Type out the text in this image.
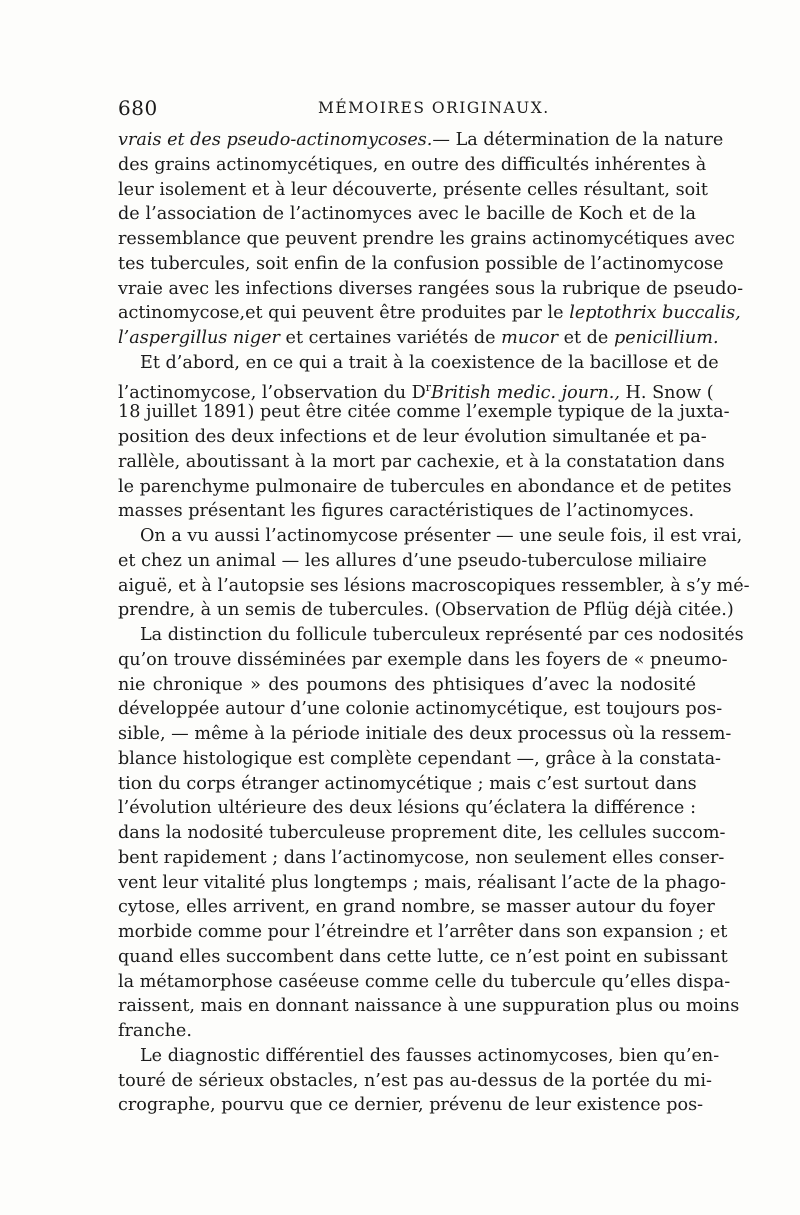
680	MÉMOIRES ORIGINAUX.
vrais et des pseudo-actinomycoses.— La détermination de la nature
des grains actinomycétiques, en outre des difficultés inhérentes à
leur isolement et à leur découverte, présente celles résultant, soit
de l’association de l’actinomyces avec le bacille de Koch et de la
ressemblance que peuvent prendre les grains actinomycétiques avec
tes tubercules, soit enfin de la confusion possible de l’actinomycose
vraie avec les infections diverses rangées sous la rubrique de pseudo-
actinomycose,et qui peuvent être produites par le leptothrix buccalis,
l’aspergillus niger et certaines variétés de mucor et de penicillium.
Et d’abord, en ce qui a trait à la coexistence de la bacillose et de
l’actinomycose, l’observation du $D^rBritish$ medic. journ., H. Snow (
18 juillet 1891) peut être citée comme l’exemple typique de la juxta-
position des deux infections et de leur évolution simultanée et pa-
rallèle, aboutissant à la mort par cachexie, et à la constatation dans
le parenchyme pulmonaire de tubercules en abondance et de petites
masses présentant les figures caractéristiques de l’actinomyces.
On a vu aussi l’actinomycose présenter — une seule fois, il est vrai,
et chez un animal — les allures d’une pseudo-tuberculose miliaire
aiguë, et à l’autopsie ses lésions macroscopiques ressembler, à s’y mé-
prendre, à un semis de tubercules. (Observation de Pflüg déjà citée.)
La distinction du follicule tuberculeux représenté par ces nodosités
qu’on trouve disséminées par exemple dans les foyers de « pneumo-
nie chronique » des poumons des phtisiques d’avec la nodosité
développée autour d’une colonie actinomycétique, est toujours pos-
sible, — même à la période initiale des deux processus où la ressem-
blance histologique est complète cependant —, grâce à la constata-
tion du corps étranger actinomycétique ; mais c’est surtout dans
l’évolution ultérieure des deux lésions qu’éclatera la différence :
dans la nodosité tuberculeuse proprement dite, les cellules succom-
bent rapidement ; dans l’actinomycose, non seulement elles conser-
vent leur vitalité plus longtemps ; mais, réalisant l’acte de la phago-
cytose, elles arrivent, en grand nombre, se masser autour du foyer
morbide comme pour l’étreindre et l’arrêter dans son expansion ; et
quand elles succombent dans cette lutte, ce n’est point en subissant
la métamorphose caséeuse comme celle du tubercule qu’elles dispa-
raissent, mais en donnant naissance à une suppuration plus ou moins
franche.
Le diagnostic différentiel des fausses actinomycoses, bien qu’en-
touré de sérieux obstacles, n’est pas au-dessus de la portée du mi-
crographe, pourvu que ce dernier, prévenu de leur existence pos-
